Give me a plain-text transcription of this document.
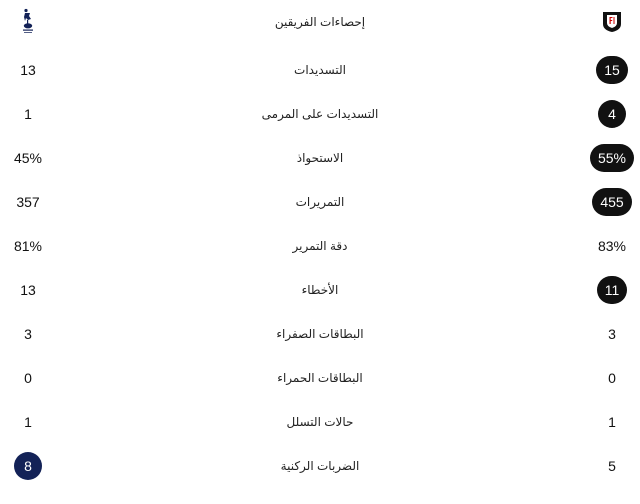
إحصاءات الفريقين
13	التسديدات	15
1	التسديدات على المرمى	4
45%	الاستحواذ	55%
357	التمريرات	455
81%	دقة التمرير	83%
13	الأخطاء	11
3	البطاقات الصفراء	3
0	البطاقات الحمراء	0
1	حالات التسلل	1
8	الضربات الركنية	5
